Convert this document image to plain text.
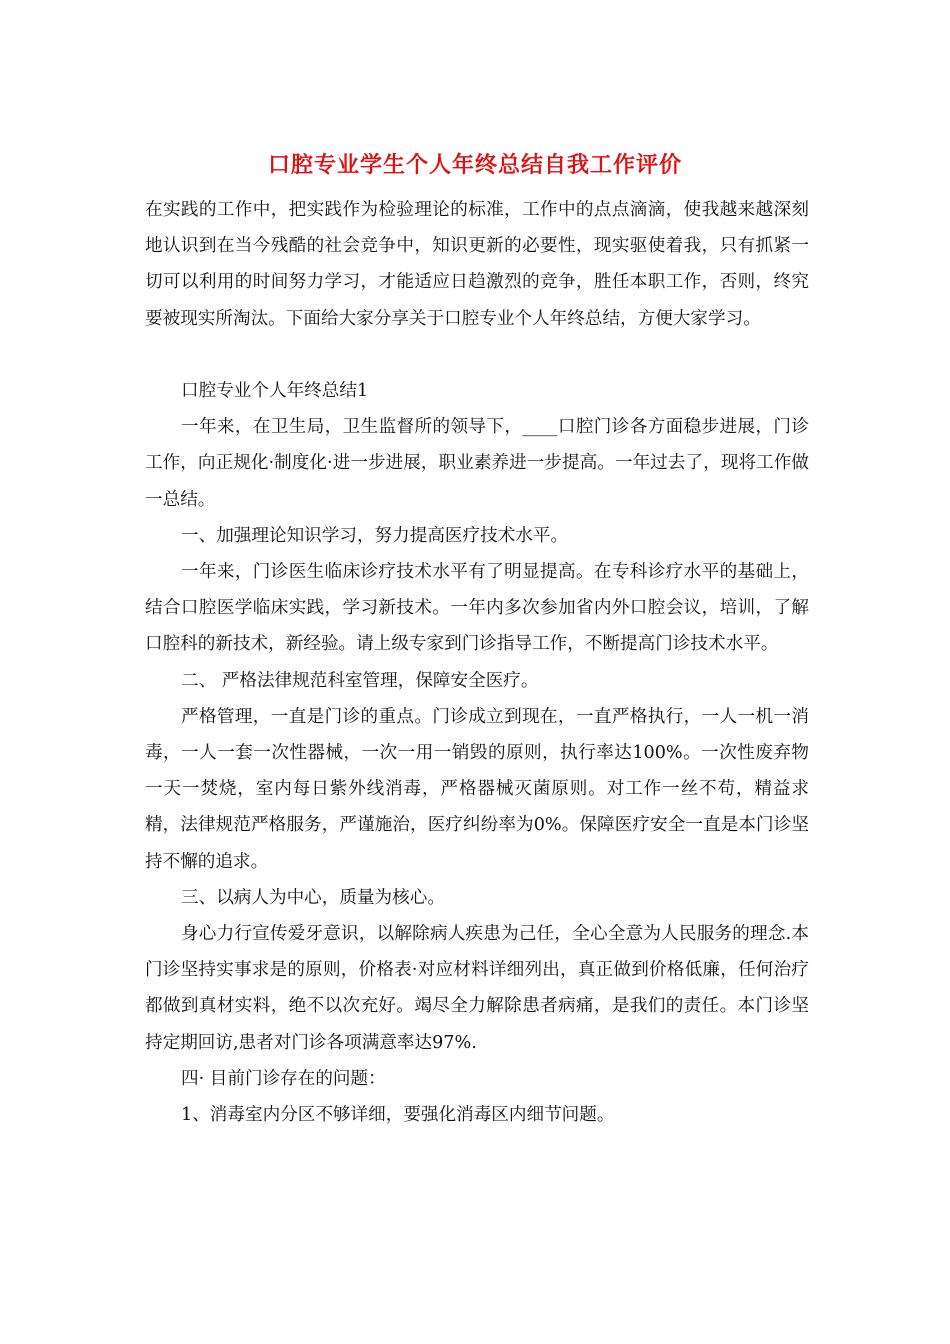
口腔专业学生个人年终总结自我工作评价

在实践的工作中，把实践作为检验理论的标准，工作中的点点滴滴，使我越来越深刻地认识到在当今残酷的社会竞争中，知识更新的必要性，现实驱使着我，只有抓紧一切可以利用的时间努力学习，才能适应日趋激烈的竞争，胜任本职工作，否则，终究要被现实所淘汰。下面给大家分享关于口腔专业个人年终总结，方便大家学习。

口腔专业个人年终总结1

一年来，在卫生局，卫生监督所的领导下，____口腔门诊各方面稳步进展，门诊工作，向正规化·制度化·进一步进展，职业素养进一步提高。一年过去了，现将工作做一总结。

一、加强理论知识学习，努力提高医疗技术水平。

一年来，门诊医生临床诊疗技术水平有了明显提高。在专科诊疗水平的基础上，结合口腔医学临床实践，学习新技术。一年内多次参加省内外口腔会议，培训，了解口腔科的新技术，新经验。请上级专家到门诊指导工作，不断提高门诊技术水平。

二、 严格法律规范科室管理，保障安全医疗。

严格管理，一直是门诊的重点。门诊成立到现在，一直严格执行，一人一机一消毒，一人一套一次性器械，一次一用一销毁的原则，执行率达100%。一次性废弃物一天一焚烧，室内每日紫外线消毒，严格器械灭菌原则。对工作一丝不苟，精益求精，法律规范严格服务，严谨施治，医疗纠纷率为0%。保障医疗安全一直是本门诊坚持不懈的追求。

三、以病人为中心，质量为核心。

身心力行宣传爱牙意识，以解除病人疾患为己任，全心全意为人民服务的理念.本门诊坚持实事求是的原则，价格表·对应材料详细列出，真正做到价格低廉，任何治疗都做到真材实料，绝不以次充好。竭尽全力解除患者病痛，是我们的责任。本门诊坚持定期回访,患者对门诊各项满意率达97%.

四· 目前门诊存在的问题：

1、消毒室内分区不够详细，要强化消毒区内细节问题。
